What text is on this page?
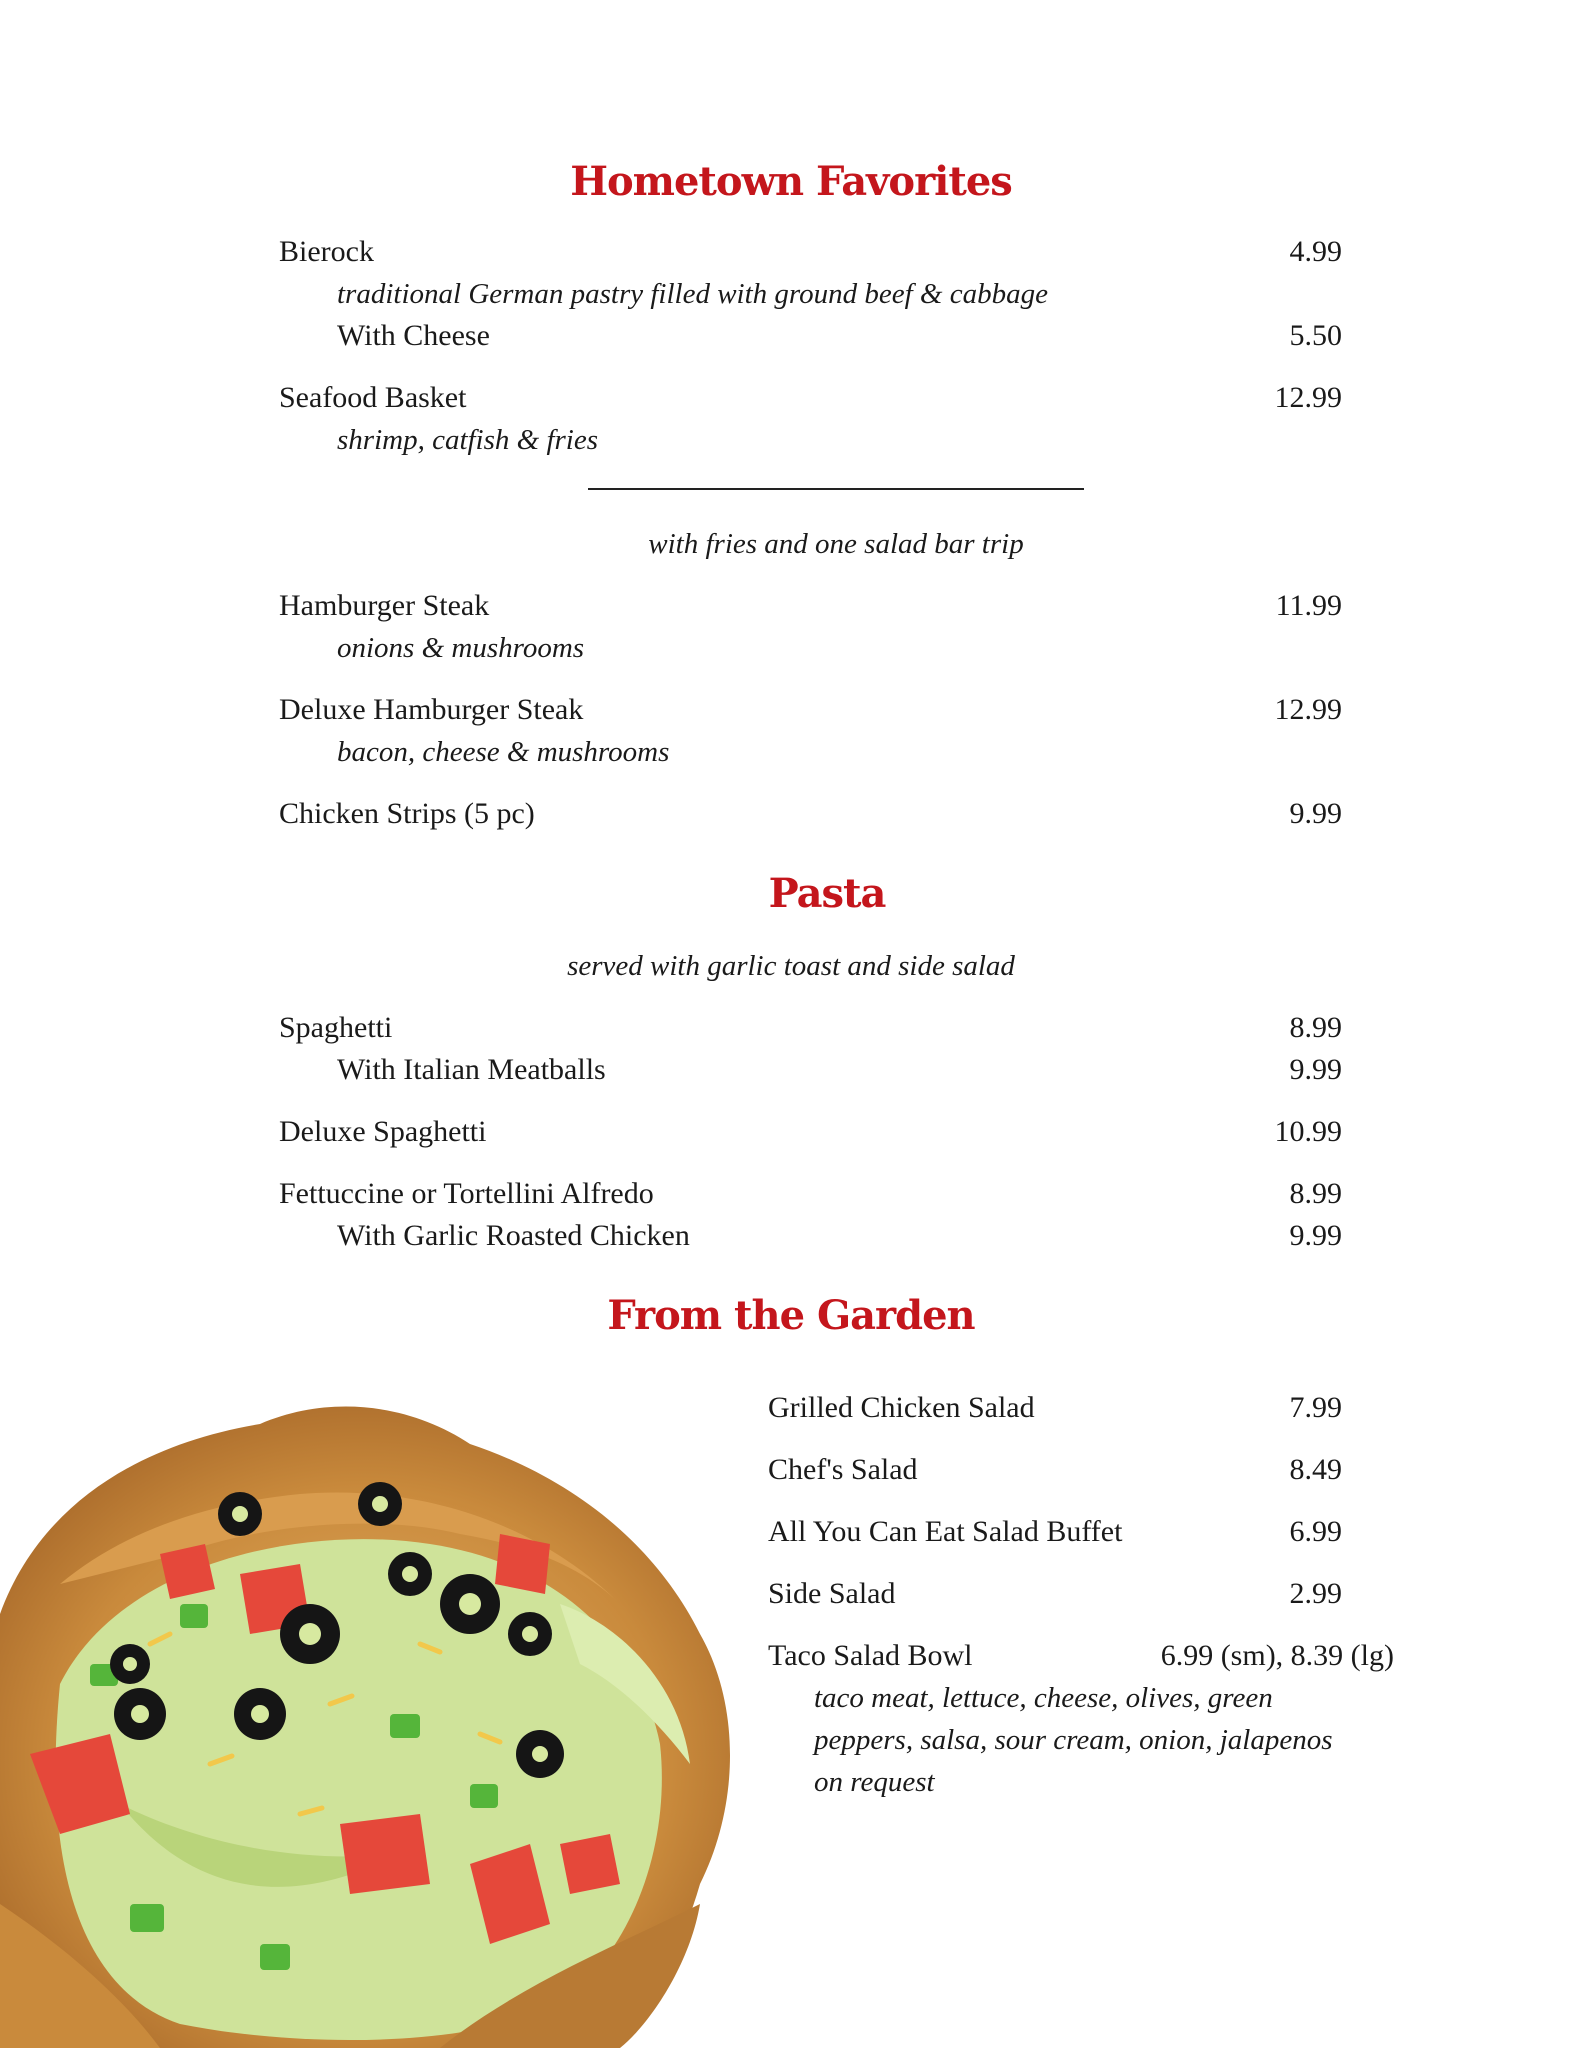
Hometown Favorites
Bierock	4.99
traditional German pastry filled with ground beef & cabbage
With Cheese	5.50
Seafood Basket	12.99
shrimp, catfish & fries
with fries and one salad bar trip
Hamburger Steak	11.99
onions & mushrooms
Deluxe Hamburger Steak	12.99
bacon, cheese & mushrooms
Chicken Strips (5 pc)	9.99
Pasta
served with garlic toast and side salad
Spaghetti	8.99
With Italian Meatballs	9.99
Deluxe Spaghetti	10.99
Fettuccine or Tortellini Alfredo	8.99
With Garlic Roasted Chicken	9.99
From the Garden
Grilled Chicken Salad	7.99
Chef's Salad	8.49
All You Can Eat Salad Buffet	6.99
Side Salad	2.99
Taco Salad Bowl	6.99 (sm), 8.39 (lg)
taco meat, lettuce, cheese, olives, green
peppers, salsa, sour cream, onion, jalapenos
on request
